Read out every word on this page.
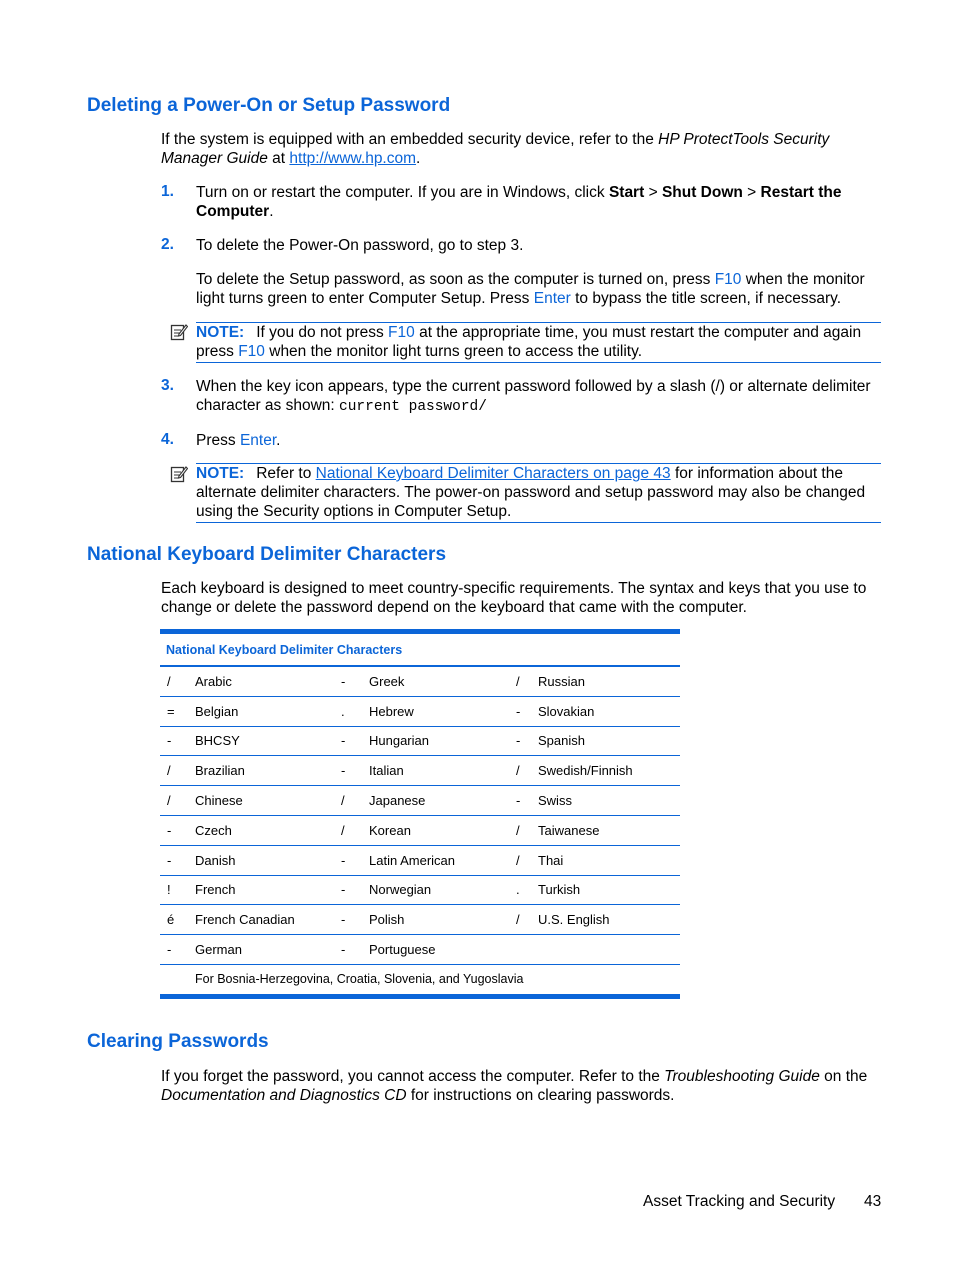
Deleting a Power-On or Setup Password
If the system is equipped with an embedded security device, refer to the HP ProtectTools Security Manager Guide at http://www.hp.com.
1. Turn on or restart the computer. If you are in Windows, click Start > Shut Down > Restart the Computer.
2. To delete the Power-On password, go to step 3.
To delete the Setup password, as soon as the computer is turned on, press F10 when the monitor light turns green to enter Computer Setup. Press Enter to bypass the title screen, if necessary.
NOTE: If you do not press F10 at the appropriate time, you must restart the computer and again press F10 when the monitor light turns green to access the utility.
3. When the key icon appears, type the current password followed by a slash (/) or alternate delimiter character as shown: current password/
4. Press Enter.
NOTE: Refer to National Keyboard Delimiter Characters on page 43 for information about the alternate delimiter characters. The power-on password and setup password may also be changed using the Security options in Computer Setup.
National Keyboard Delimiter Characters
Each keyboard is designed to meet country-specific requirements. The syntax and keys that you use to change or delete the password depend on the keyboard that came with the computer.
National Keyboard Delimiter Characters					
/	Arabic	-	Greek	/	Russian
=	Belgian	.	Hebrew	-	Slovakian
-	BHCSY	-	Hungarian	-	Spanish
/	Brazilian	-	Italian	/	Swedish/Finnish
/	Chinese	/	Japanese	-	Swiss
-	Czech	/	Korean	/	Taiwanese
-	Danish	-	Latin American	/	Thai
!	French	-	Norwegian	.	Turkish
é	French Canadian	-	Polish	/	U.S. English
-	German	-	Portuguese		
For Bosnia-Herzegovina, Croatia, Slovenia, and Yugoslavia					
Clearing Passwords
If you forget the password, you cannot access the computer. Refer to the Troubleshooting Guide on the Documentation and Diagnostics CD for instructions on clearing passwords.
Asset Tracking and Security 43
